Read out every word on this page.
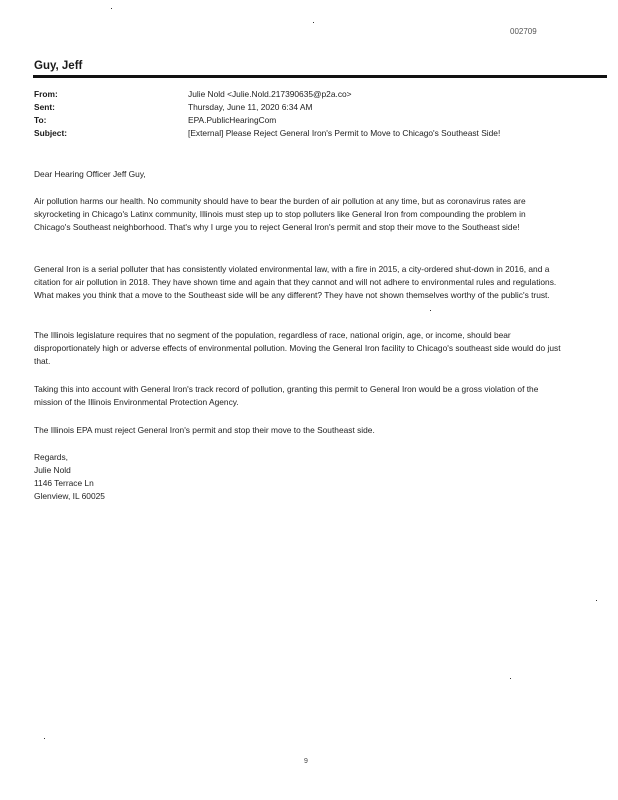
002709
Guy, Jeff
From:	Julie Nold <Julie.Nold.217390635@p2a.co>
Sent:	Thursday, June 11, 2020 6:34 AM
To:	EPA.PublicHearingCom
Subject:	[External] Please Reject General Iron's Permit to Move to Chicago's Southeast Side!

Dear Hearing Officer Jeff Guy,

Air pollution harms our health. No community should have to bear the burden of air pollution at any time, but as coronavirus rates are skyrocketing in Chicago's Latinx community, Illinois must step up to stop polluters like General Iron from compounding the problem in Chicago's Southeast neighborhood. That's why I urge you to reject General Iron's permit and stop their move to the Southeast side!

General Iron is a serial polluter that has consistently violated environmental law, with a fire in 2015, a city-ordered shut-down in 2016, and a citation for air pollution in 2018. They have shown time and again that they cannot and will not adhere to environmental rules and regulations. What makes you think that a move to the Southeast side will be any different? They have not shown themselves worthy of the public's trust.

The Illinois legislature requires that no segment of the population, regardless of race, national origin, age, or income, should bear disproportionately high or adverse effects of environmental pollution. Moving the General Iron facility to Chicago's southeast side would do just that.

Taking this into account with General Iron's track record of pollution, granting this permit to General Iron would be a gross violation of the mission of the Illinois Environmental Protection Agency.

The Illinois EPA must reject General Iron's permit and stop their move to the Southeast side.

Regards,

Julie Nold

1146 Terrace Ln

Glenview, IL 60025

9
